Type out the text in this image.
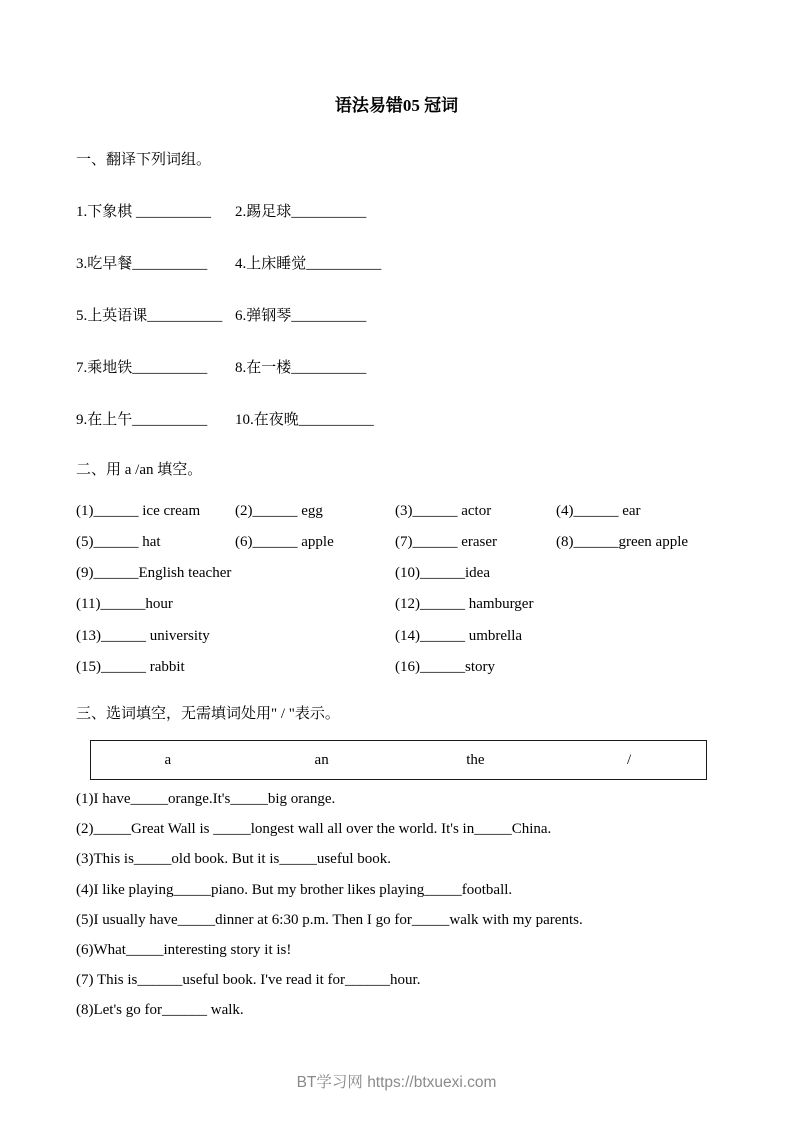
语法易错05 冠词
一、翻译下列词组。
1.下象棋 __________	2.踢足球__________
3.吃早餐__________	4.上床睡觉__________
5.上英语课__________ 6.弹钢琴__________
7.乘地铁__________	8.在一楼__________
9.在上午__________	10.在夜晚__________
二、用 a /an 填空。
(1)______ ice cream	(2)______ egg	(3)______ actor	(4)______ ear
(5)______ hat	(6)______ apple	(7)______ eraser	(8)______green apple
(9)______English teacher	(10)______idea
(11)______hour	(12)______ hamburger
(13)______ university	(14)______ umbrella
(15)______ rabbit	(16)______story
三、选词填空，无需填词处用" / "表示。
a	an	the	/
(1)I have_____orange.It's_____big orange.
(2)_____Great Wall is _____longest wall all over the world. It's in_____China.
(3)This is_____old book. But it is_____useful book.
(4)I like playing_____piano. But my brother likes playing_____football.
(5)I usually have_____dinner at 6:30 p.m. Then I go for_____walk with my parents.
(6)What_____interesting story it is!
(7) This is______useful book. I've read it for______hour.
(8)Let's go for______ walk.
BT学习网 https://btxuexi.com
